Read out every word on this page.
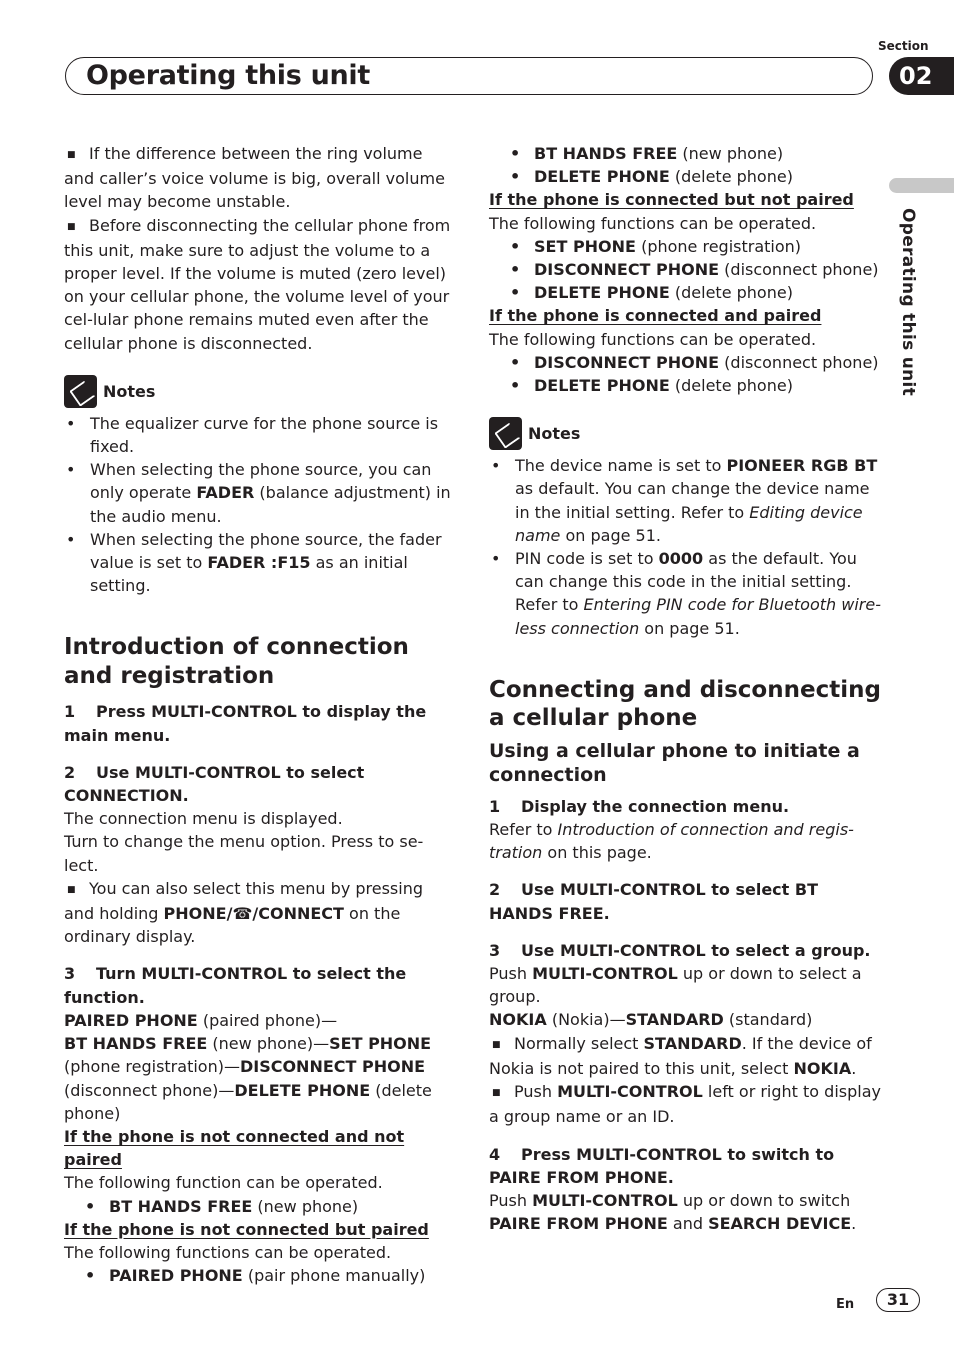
Operating this unit
Section
02
Operating this unit

■ If the difference between the ring volume and caller’s voice volume is big, overall volume level may become unstable.

■ Before disconnecting the cellular phone from this unit, make sure to adjust the volume to a proper level. If the volume is muted (zero level) on your cellular phone, the volume level of your cel-lular phone remains muted even after the cellular phone is disconnected.

Notes

• The equalizer curve for the phone source is fixed.

• When selecting the phone source, you can only operate FADER (balance adjustment) in the audio menu.

• When selecting the phone source, the fader value is set to FADER :F15 as an initial setting.

Introduction of connection and registration

1 Press MULTI-CONTROL to display the main menu.

2 Use MULTI-CONTROL to select CONNECTION.

The connection menu is displayed.

Turn to change the menu option. Press to se-lect.

■ You can also select this menu by pressing and holding PHONE/☎/CONNECT on the ordinary display.

3 Turn MULTI-CONTROL to select the function.

PAIRED PHONE (paired phone)—
BT HANDS FREE (new phone)—SET PHONE
(phone registration)—DISCONNECT PHONE
(disconnect phone)—DELETE PHONE (delete phone)

If the phone is not connected and not paired

The following function can be operated.

• BT HANDS FREE (new phone)

If the phone is not connected but paired

The following functions can be operated.

• PAIRED PHONE (pair phone manually)

• BT HANDS FREE (new phone)

• DELETE PHONE (delete phone)

If the phone is connected but not paired

The following functions can be operated.

• SET PHONE (phone registration)

• DISCONNECT PHONE (disconnect phone)

• DELETE PHONE (delete phone)

If the phone is connected and paired

The following functions can be operated.

• DISCONNECT PHONE (disconnect phone)

• DELETE PHONE (delete phone)

Notes

• The device name is set to PIONEER RGB BT as default. You can change the device name in the initial setting. Refer to Editing device name on page 51.

• PIN code is set to 0000 as the default. You can change this code in the initial setting. Refer to Entering PIN code for Bluetooth wire-less connection on page 51.

Connecting and disconnecting a cellular phone
Using a cellular phone to initiate a connection

1 Display the connection menu.

Refer to Introduction of connection and regis-tration on this page.

2 Use MULTI-CONTROL to select BT HANDS FREE.

3 Use MULTI-CONTROL to select a group.

Push MULTI-CONTROL up or down to select a group.

NOKIA (Nokia)—STANDARD (standard)

■ Normally select STANDARD. If the device of Nokia is not paired to this unit, select NOKIA.

■ Push MULTI-CONTROL left or right to display a group name or an ID.

4 Press MULTI-CONTROL to switch to PAIRE FROM PHONE.

Push MULTI-CONTROL up or down to switch PAIRE FROM PHONE and SEARCH DEVICE.

En	31
